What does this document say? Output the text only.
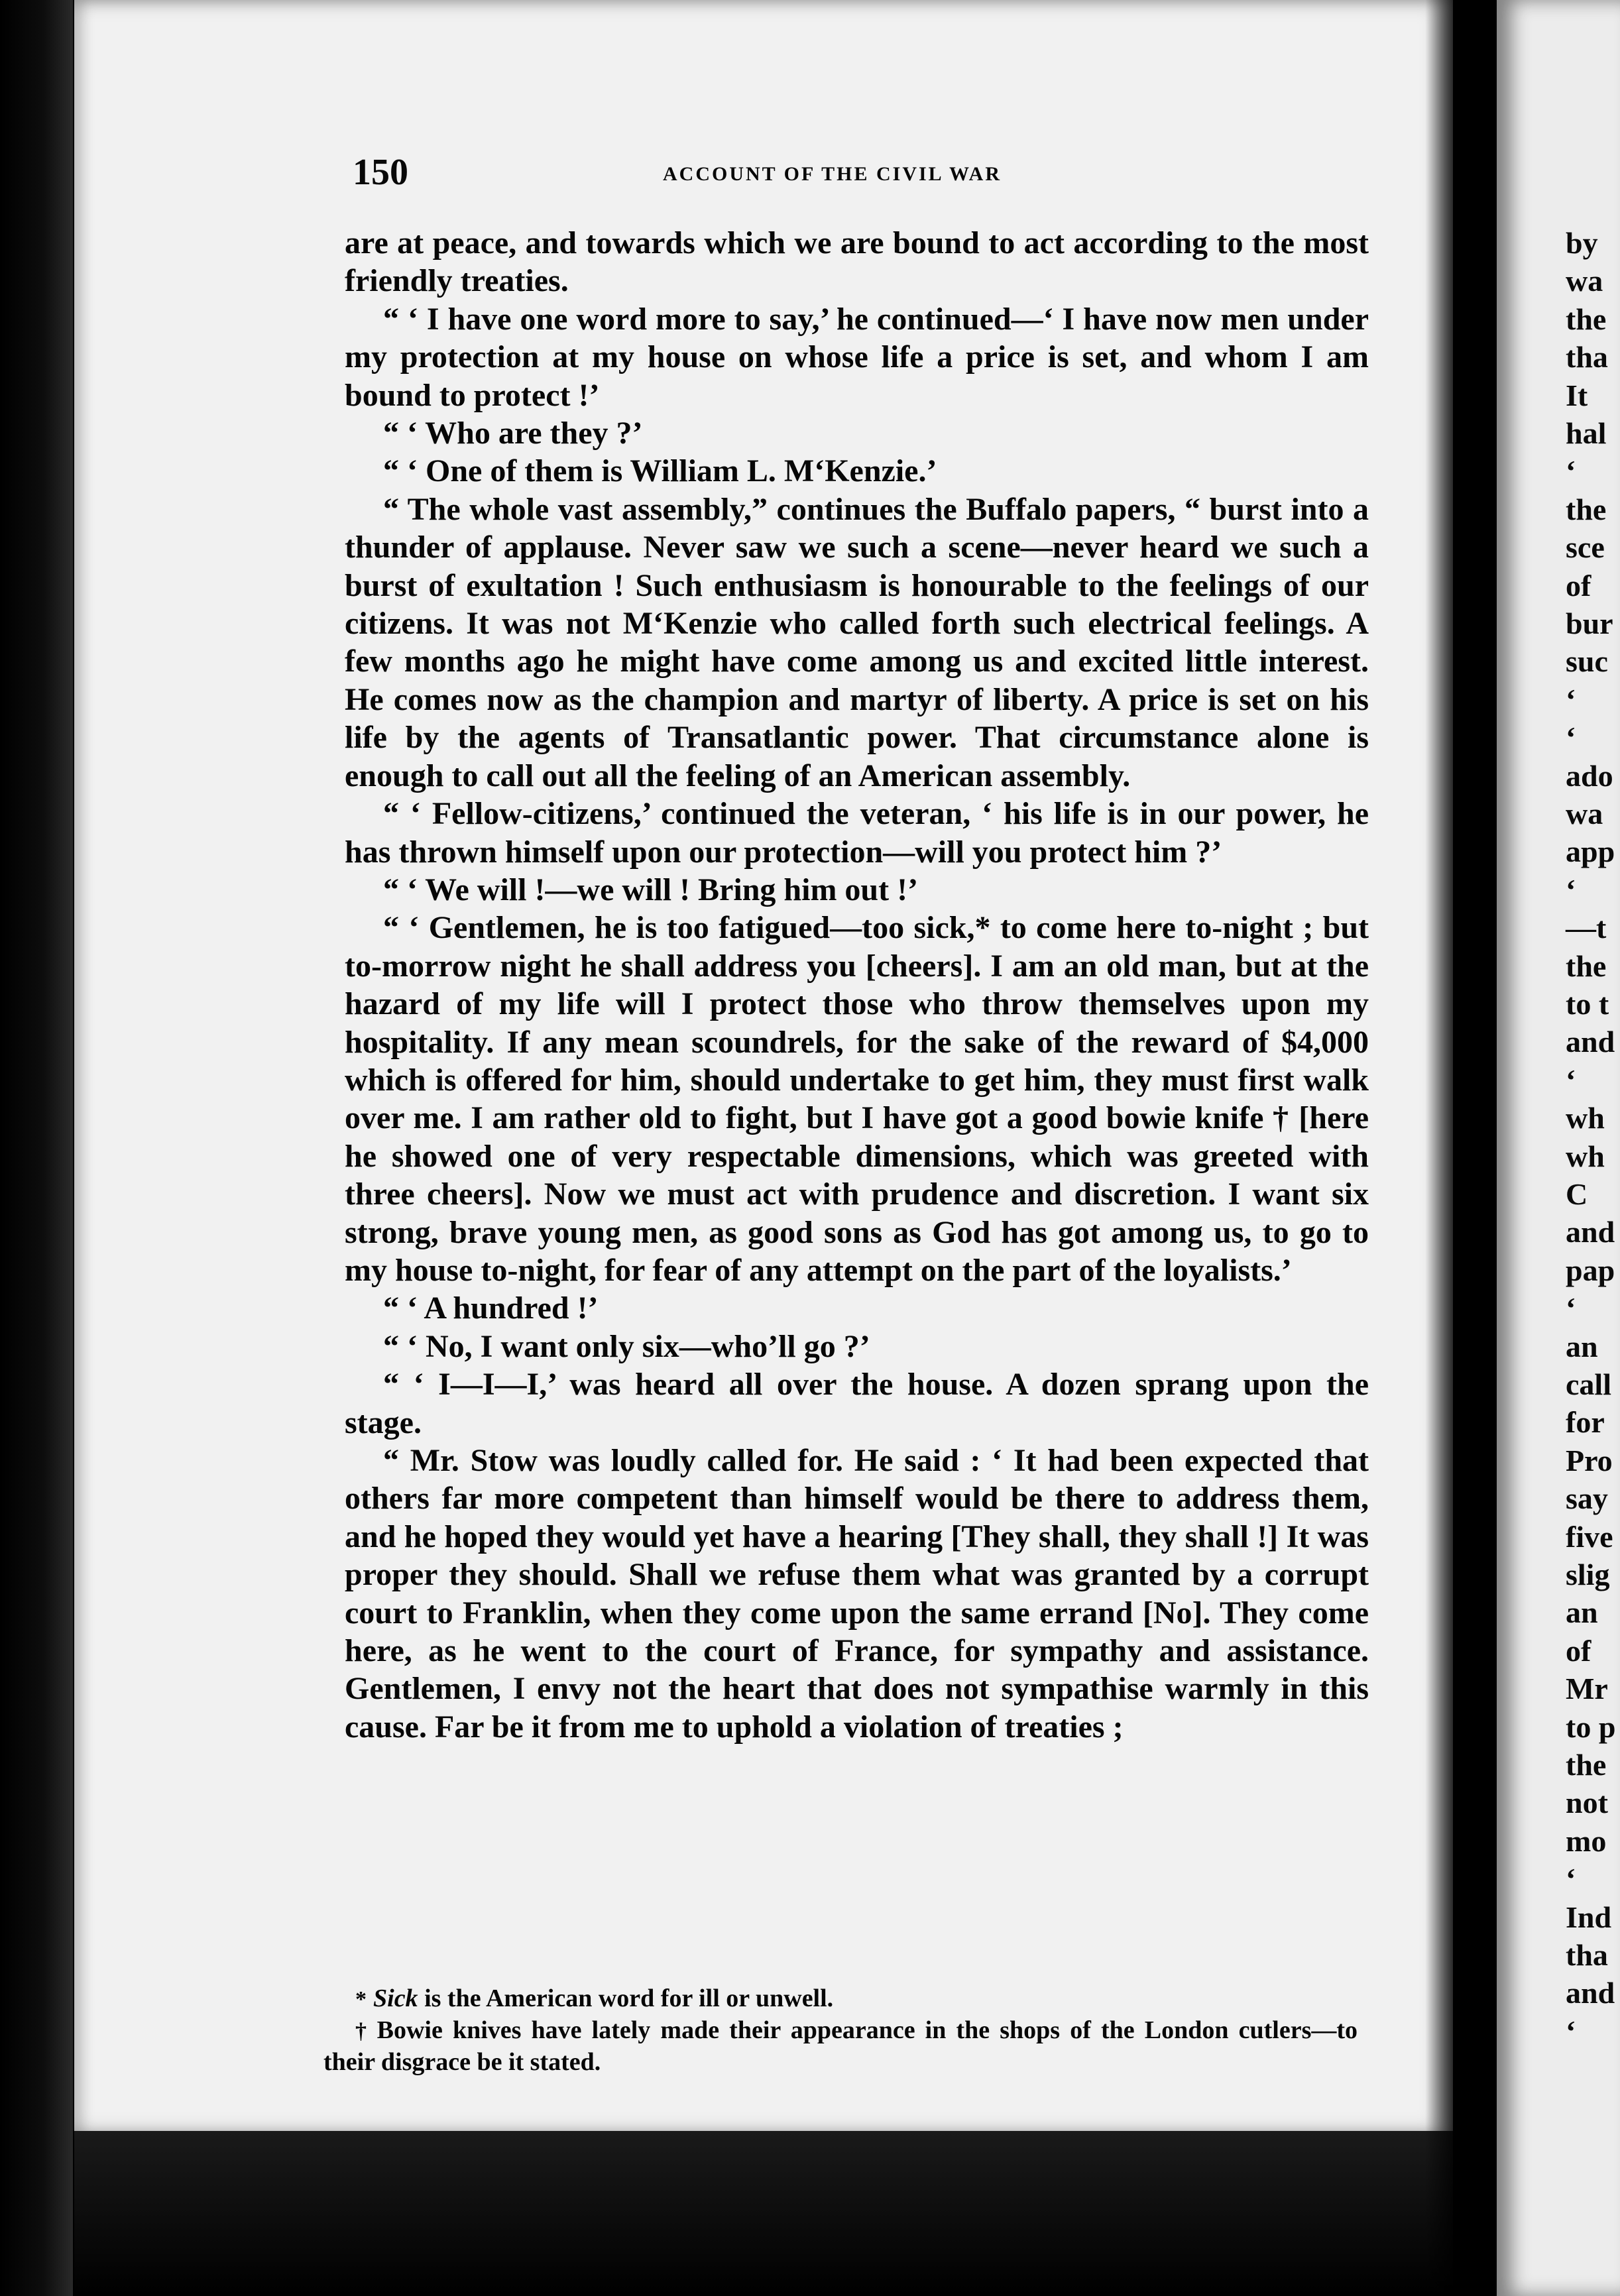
150	ACCOUNT OF THE CIVIL WAR

are at peace, and towards which we are bound to act according to the most friendly treaties.

“ ‘ I have one word more to say,’ he continued—‘ I have now men under my protection at my house on whose life a price is set, and whom I am bound to protect !’

“ ‘ Who are they ?’

“ ‘ One of them is William L. M‘Kenzie.’

“ The whole vast assembly,” continues the Buffalo papers, “ burst into a thunder of applause. Never saw we such a scene—never heard we such a burst of exultation ! Such enthusiasm is honourable to the feelings of our citizens. It was not M‘Kenzie who called forth such electrical feelings. A few months ago he might have come among us and excited little interest. He comes now as the champion and martyr of liberty. A price is set on his life by the agents of Transatlantic power. That circumstance alone is enough to call out all the feeling of an American assembly.

“ ‘ Fellow-citizens,’ continued the veteran, ‘ his life is in our power, he has thrown himself upon our protection—will you protect him ?’

“ ‘ We will !—we will ! Bring him out !’

“ ‘ Gentlemen, he is too fatigued—too sick,* to come here to-night ; but to-morrow night he shall address you [cheers]. I am an old man, but at the hazard of my life will I protect those who throw themselves upon my hospitality. If any mean scoundrels, for the sake of the reward of $4,000 which is offered for him, should undertake to get him, they must first walk over me. I am rather old to fight, but I have got a good bowie knife † [here he showed one of very respectable dimensions, which was greeted with three cheers]. Now we must act with prudence and discretion. I want six strong, brave young men, as good sons as God has got among us, to go to my house to-night, for fear of any attempt on the part of the loyalists.’

“ ‘ A hundred !’

“ ‘ No, I want only six—who’ll go ?’

“ ‘ I—I—I,’ was heard all over the house. A dozen sprang upon the stage.

“ Mr. Stow was loudly called for. He said : ‘ It had been expected that others far more competent than himself would be there to address them, and he hoped they would yet have a hearing [They shall, they shall !] It was proper they should. Shall we refuse them what was granted by a corrupt court to Franklin, when they come upon the same errand [No]. They come here, as he went to the court of France, for sympathy and assistance. Gentlemen, I envy not the heart that does not sympathise warmly in this cause. Far be it from me to uphold a violation of treaties ;

* Sick is the American word for ill or unwell.

† Bowie knives have lately made their appearance in the shops of the London cutlers—to their disgrace be it stated.

by
wa
the
tha
It
hal
‘
the
sce
of
bur
suc
‘
‘
ado
wa
app
‘
—t
the
to t
and
‘
wh
wh
C
and
pap
‘
an
call
for
Pro
say
five
slig
an
of
Mr
to p
the
not
mo
‘
Ind
tha
and
‘
